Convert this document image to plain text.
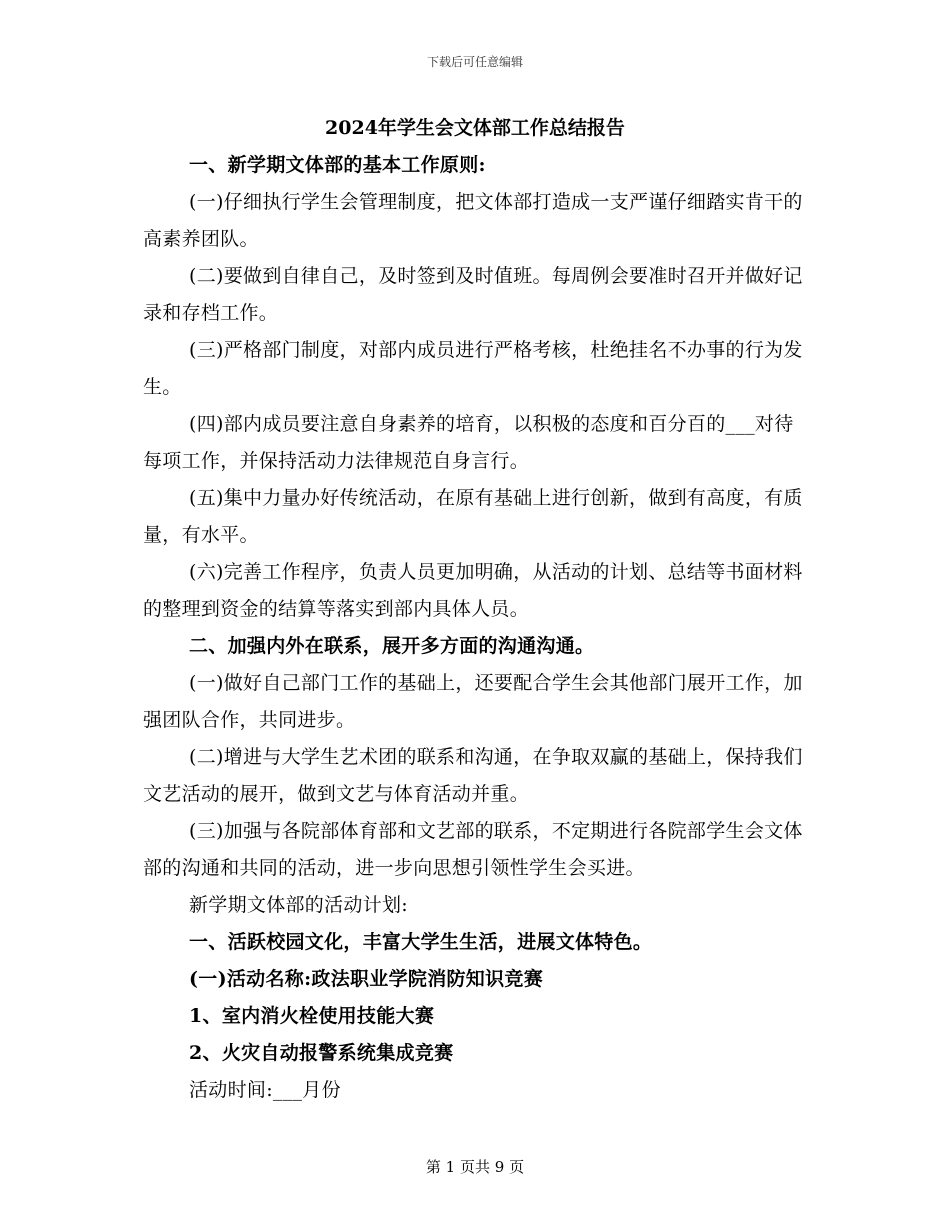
下载后可任意编辑
2024年学生会文体部工作总结报告

一、新学期文体部的基本工作原则:

(一)仔细执行学生会管理制度，把文体部打造成一支严谨仔细踏实肯干的高素养团队。

(二)要做到自律自己，及时签到及时值班。每周例会要准时召开并做好记录和存档工作。

(三)严格部门制度，对部内成员进行严格考核，杜绝挂名不办事的行为发生。

(四)部内成员要注意自身素养的培育，以积极的态度和百分百的___对待每项工作，并保持活动力法律规范自身言行。

(五)集中力量办好传统活动，在原有基础上进行创新，做到有高度，有质量，有水平。

(六)完善工作程序，负责人员更加明确，从活动的计划、总结等书面材料的整理到资金的结算等落实到部内具体人员。

二、加强内外在联系，展开多方面的沟通沟通。

(一)做好自己部门工作的基础上，还要配合学生会其他部门展开工作，加强团队合作，共同进步。

(二)增进与大学生艺术团的联系和沟通，在争取双赢的基础上，保持我们文艺活动的展开，做到文艺与体育活动并重。

(三)加强与各院部体育部和文艺部的联系，不定期进行各院部学生会文体部的沟通和共同的活动，进一步向思想引领性学生会买进。

新学期文体部的活动计划:

一、活跃校园文化，丰富大学生生活，进展文体特色。

(一)活动名称:政法职业学院消防知识竞赛

1、室内消火栓使用技能大赛

2、火灾自动报警系统集成竞赛

活动时间:___月份

第 1 页共 9 页
